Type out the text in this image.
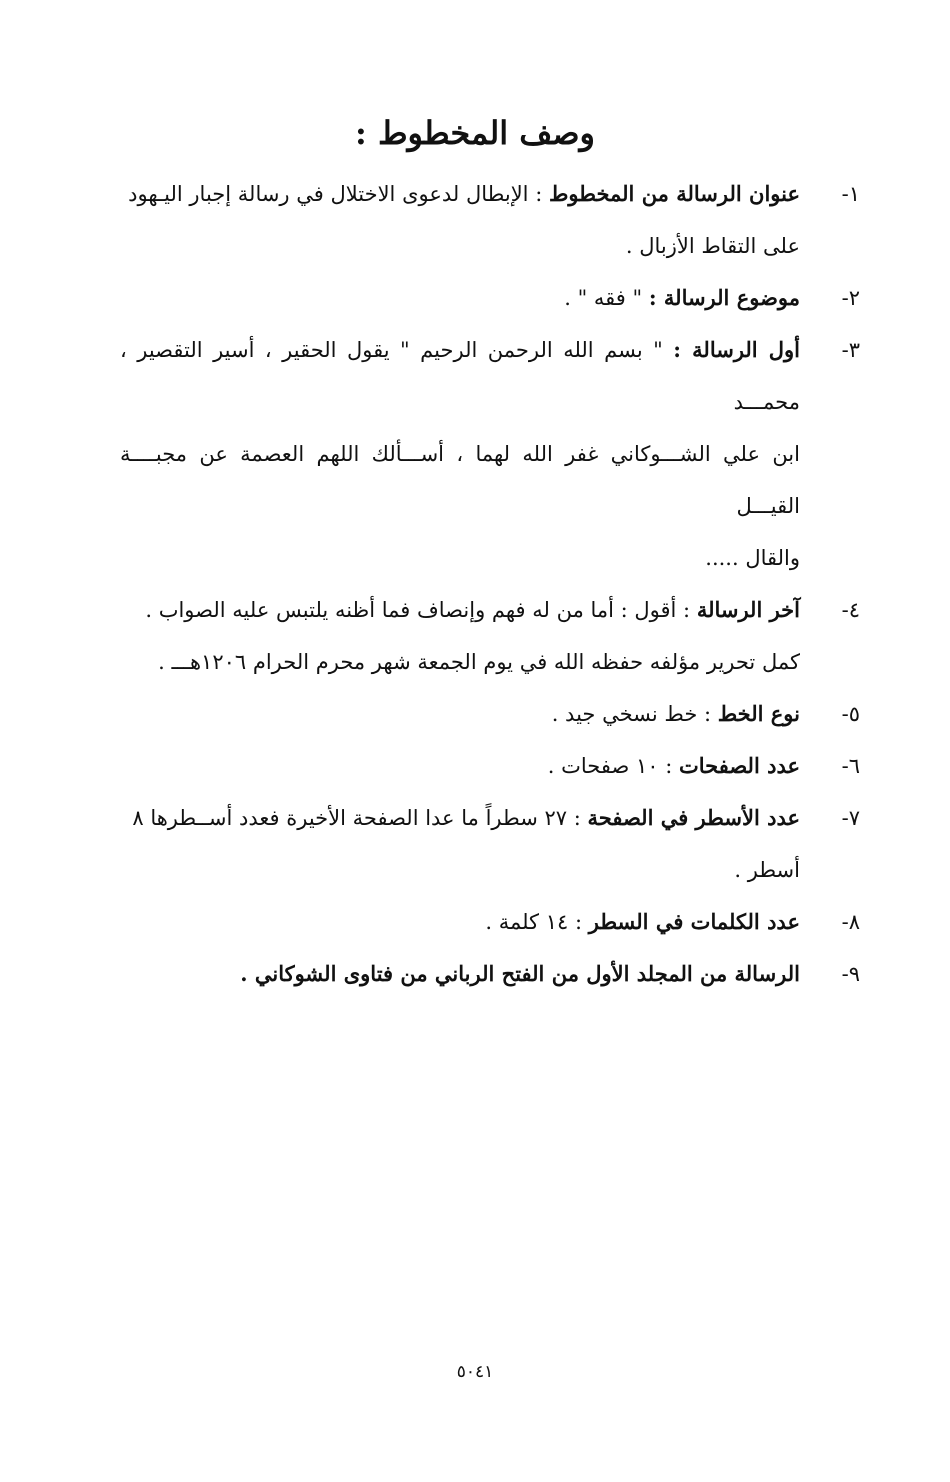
وصف المخطوط :
١-
عنوان الرسالة من المخطوط : الإبطال لدعوى الاختلال في رسالة إجبار اليـهود
على التقاط الأزبال .
٢-
موضوع الرسالة : " فقه " .
٣-
أول الرسالة : " بسم الله الرحمن الرحيم " يقول الحقير ، أسير التقصير ، محمـــد
ابن علي الشـــوكاني غفر الله لهما ، أســـألك اللهم العصمة عن مجبــــة القيـــل
والقال .....
٤-
آخر الرسالة : أقول : أما من له فهم وإنصاف فما أظنه يلتبس عليه الصواب .
كمل تحرير مؤلفه حفظه الله في يوم الجمعة شهر محرم الحرام ١٢٠٦هـــ .
٥-
نوع الخط : خط نسخي جيد .
٦-
عدد الصفحات : ١٠ صفحات .
٧-
عدد الأسطر في الصفحة : ٢٧ سطراً ما عدا الصفحة الأخيرة فعدد أســطرها ٨
أسطر .
٨-
عدد الكلمات في السطر : ١٤ كلمة .
٩-
الرسالة من المجلد الأول من الفتح الرباني من فتاوى الشوكاني .
٥٠٤١
